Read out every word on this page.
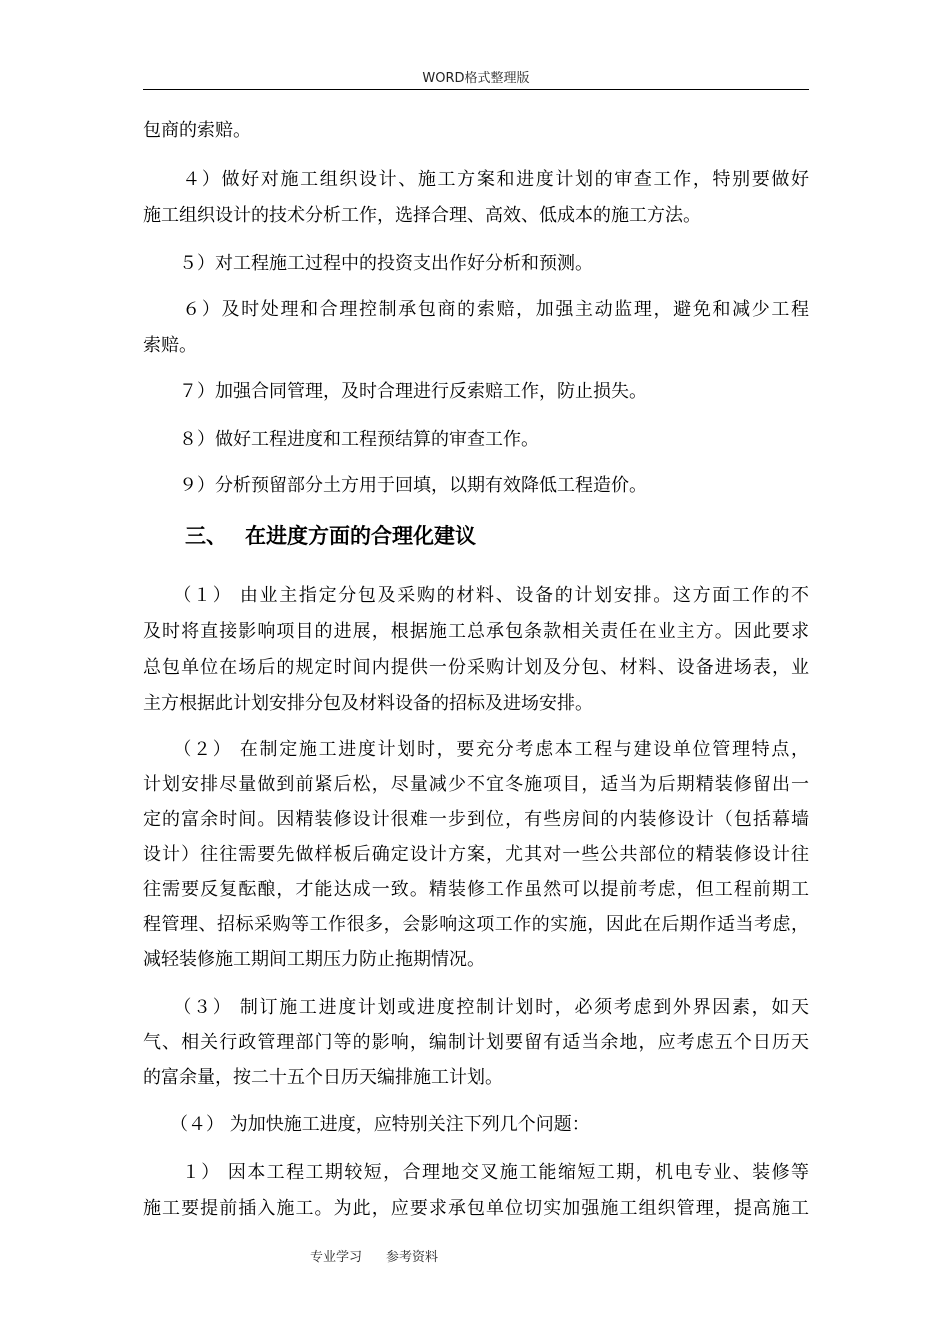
WORD格式整理版
包商的索赔。
　　４）做好对施工组织设计、施工方案和进度计划的审查工作，特别要做好
施工组织设计的技术分析工作，选择合理、高效、低成本的施工方法。
　　５）对工程施工过程中的投资支出作好分析和预测。
　　６）及时处理和合理控制承包商的索赔，加强主动监理，避免和减少工程
索赔。
　　７）加强合同管理，及时合理进行反索赔工作，防止损失。
　　８）做好工程进度和工程预结算的审查工作。
　　９）分析预留部分土方用于回填，以期有效降低工程造价。
三、 在进度方面的合理化建议
　　（１） 由业主指定分包及采购的材料、设备的计划安排。这方面工作的不
及时将直接影响项目的进展，根据施工总承包条款相关责任在业主方。因此要求
总包单位在场后的规定时间内提供一份采购计划及分包、材料、设备进场表，业
主方根据此计划安排分包及材料设备的招标及进场安排。
　　（２） 在制定施工进度计划时，要充分考虑本工程与建设单位管理特点，
计划安排尽量做到前紧后松，尽量减少不宜冬施项目，适当为后期精装修留出一
定的富余时间。因精装修设计很难一步到位，有些房间的内装修设计（包括幕墙
设计）往往需要先做样板后确定设计方案，尤其对一些公共部位的精装修设计往
往需要反复酝酿，才能达成一致。精装修工作虽然可以提前考虑，但工程前期工
程管理、招标采购等工作很多，会影响这项工作的实施，因此在后期作适当考虑，
减轻装修施工期间工期压力防止拖期情况。
　　（３） 制订施工进度计划或进度控制计划时，必须考虑到外界因素，如天
气、相关行政管理部门等的影响，编制计划要留有适当余地，应考虑五个日历天
的富余量，按二十五个日历天编排施工计划。
　　（４） 为加快施工进度，应特别关注下列几个问题：
　　１） 因本工程工期较短，合理地交叉施工能缩短工期，机电专业、装修等
施工要提前插入施工。为此，应要求承包单位切实加强施工组织管理，提高施工
专业学习 参考资料
